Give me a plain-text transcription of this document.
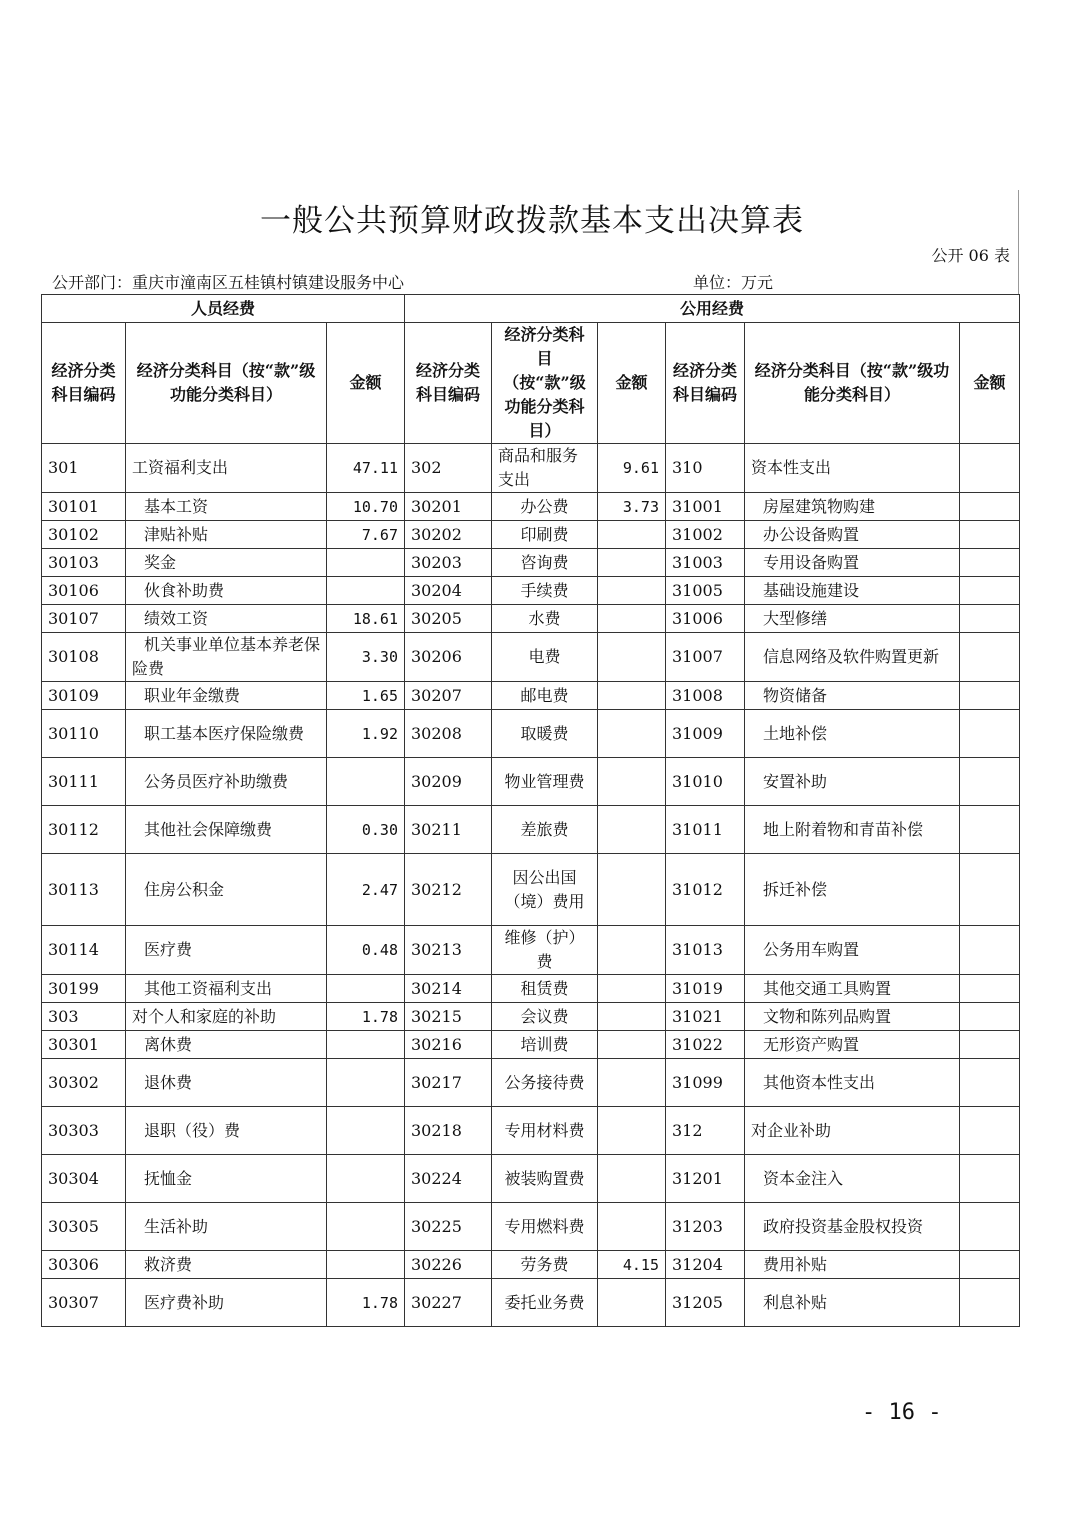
一般公共预算财政拨款基本支出决算表
公开 06 表
公开部门：重庆市潼南区五桂镇村镇建设服务中心	单位：万元
人员经费			公用经费					
经济分类科目编码	经济分类科目（按“款”级功能分类科目）	金额	经济分类科目编码	经济分类科目（按“款”级功能分类科目）	金额	经济分类科目编码	经济分类科目（按“款”级功能分类科目）	金额
301	工资福利支出	47.11	302	商品和服务支出	9.61	310	资本性支出	
30101	基本工资	10.70	30201	办公费	3.73	31001	房屋建筑物购建	
30102	津贴补贴	7.67	30202	印刷费		31002	办公设备购置	
30103	奖金		30203	咨询费		31003	专用设备购置	
30106	伙食补助费		30204	手续费		31005	基础设施建设	
30107	绩效工资	18.61	30205	水费		31006	大型修缮	
30108	机关事业单位基本养老保险费	3.30	30206	电费		31007	信息网络及软件购置更新	
30109	职业年金缴费	1.65	30207	邮电费		31008	物资储备	
30110	职工基本医疗保险缴费	1.92	30208	取暖费		31009	土地补偿	
30111	公务员医疗补助缴费		30209	物业管理费		31010	安置补助	
30112	其他社会保障缴费	0.30	30211	差旅费		31011	地上附着物和青苗补偿	
30113	住房公积金	2.47	30212	因公出国（境）费用		31012	拆迁补偿	
30114	医疗费	0.48	30213	维修（护）费		31013	公务用车购置	
30199	其他工资福利支出		30214	租赁费		31019	其他交通工具购置	
303	对个人和家庭的补助	1.78	30215	会议费		31021	文物和陈列品购置	
30301	离休费		30216	培训费		31022	无形资产购置	
30302	退休费		30217	公务接待费		31099	其他资本性支出	
30303	退职（役）费		30218	专用材料费		312	对企业补助	
30304	抚恤金		30224	被装购置费		31201	资本金注入	
30305	生活补助		30225	专用燃料费		31203	政府投资基金股权投资	
30306	救济费		30226	劳务费	4.15	31204	费用补贴	
30307	医疗费补助	1.78	30227	委托业务费		31205	利息补贴	
- 16 -
